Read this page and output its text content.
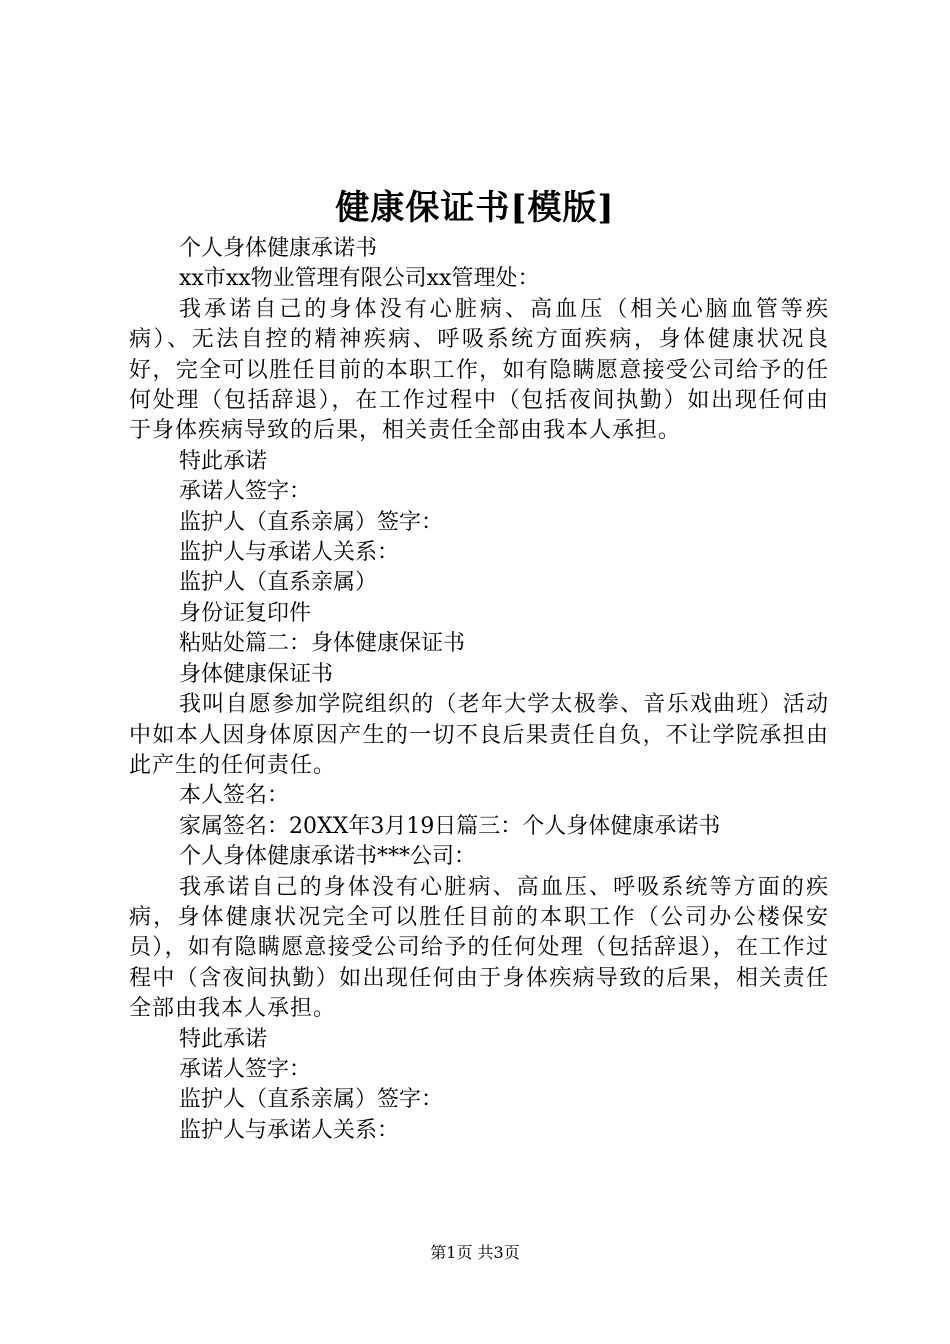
健康保证书[模版]
个人身体健康承诺书
xx市xx物业管理有限公司xx管理处：
我承诺自己的身体没有心脏病、高血压（相关心脑血管等疾病）、无法自控的精神疾病、呼吸系统方面疾病，身体健康状况良好，完全可以胜任目前的本职工作，如有隐瞒愿意接受公司给予的任何处理（包括辞退），在工作过程中（包括夜间执勤）如出现任何由于身体疾病导致的后果，相关责任全部由我本人承担。
特此承诺
承诺人签字：
监护人（直系亲属）签字：
监护人与承诺人关系：
监护人（直系亲属）
身份证复印件
粘贴处篇二：身体健康保证书
身体健康保证书
我叫自愿参加学院组织的（老年大学太极拳、音乐戏曲班）活动中如本人因身体原因产生的一切不良后果责任自负，不让学院承担由此产生的任何责任。
本人签名：
家属签名：20XX年3月19日篇三：个人身体健康承诺书
个人身体健康承诺书***公司：
我承诺自己的身体没有心脏病、高血压、呼吸系统等方面的疾病，身体健康状况完全可以胜任目前的本职工作（公司办公楼保安员），如有隐瞒愿意接受公司给予的任何处理（包括辞退），在工作过程中（含夜间执勤）如出现任何由于身体疾病导致的后果，相关责任全部由我本人承担。
特此承诺
承诺人签字：
监护人（直系亲属）签字：
监护人与承诺人关系：
第1页 共3页
